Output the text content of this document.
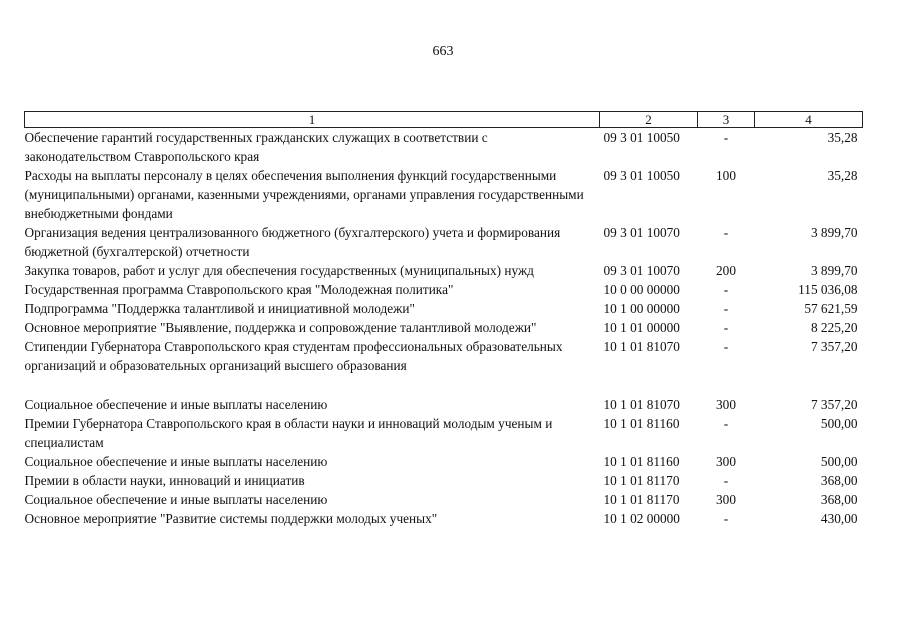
663
1	2	3	4
Обеспечение гарантий государственных гражданских служащих в соответствии с законодательством Ставропольского края	09 3 01 10050	-	35,28
Расходы на выплаты персоналу в целях обеспечения выполнения функций государственными (муниципальными) органами, казенными учреждениями, органами управления государственными внебюджетными фондами	09 3 01 10050	100	35,28
Организация ведения централизованного бюджетного (бухгалтерского) учета и формирования бюджетной (бухгалтерской) отчетности	09 3 01 10070	-	3 899,70
Закупка товаров, работ и услуг для обеспечения государственных (муниципальных) нужд	09 3 01 10070	200	3 899,70
Государственная программа Ставропольского края "Молодежная политика"	10 0 00 00000	-	115 036,08
Подпрограмма "Поддержка талантливой и инициативной молодежи"	10 1 00 00000	-	57 621,59
Основное мероприятие "Выявление, поддержка и сопровождение талантливой молодежи"	10 1 01 00000	-	8 225,20
Стипендии Губернатора Ставропольского края студентам профессиональных образовательных организаций и образовательных организаций высшего образования	10 1 01 81070	-	7 357,20

Социальное обеспечение и иные выплаты населению	10 1 01 81070	300	7 357,20
Премии Губернатора Ставропольского края в области науки и инноваций молодым ученым и специалистам	10 1 01 81160	-	500,00
Социальное обеспечение и иные выплаты населению	10 1 01 81160	300	500,00
Премии в области науки, инноваций и инициатив	10 1 01 81170	-	368,00
Социальное обеспечение и иные выплаты населению	10 1 01 81170	300	368,00
Основное мероприятие "Развитие системы поддержки молодых ученых"	10 1 02 00000	-	430,00
